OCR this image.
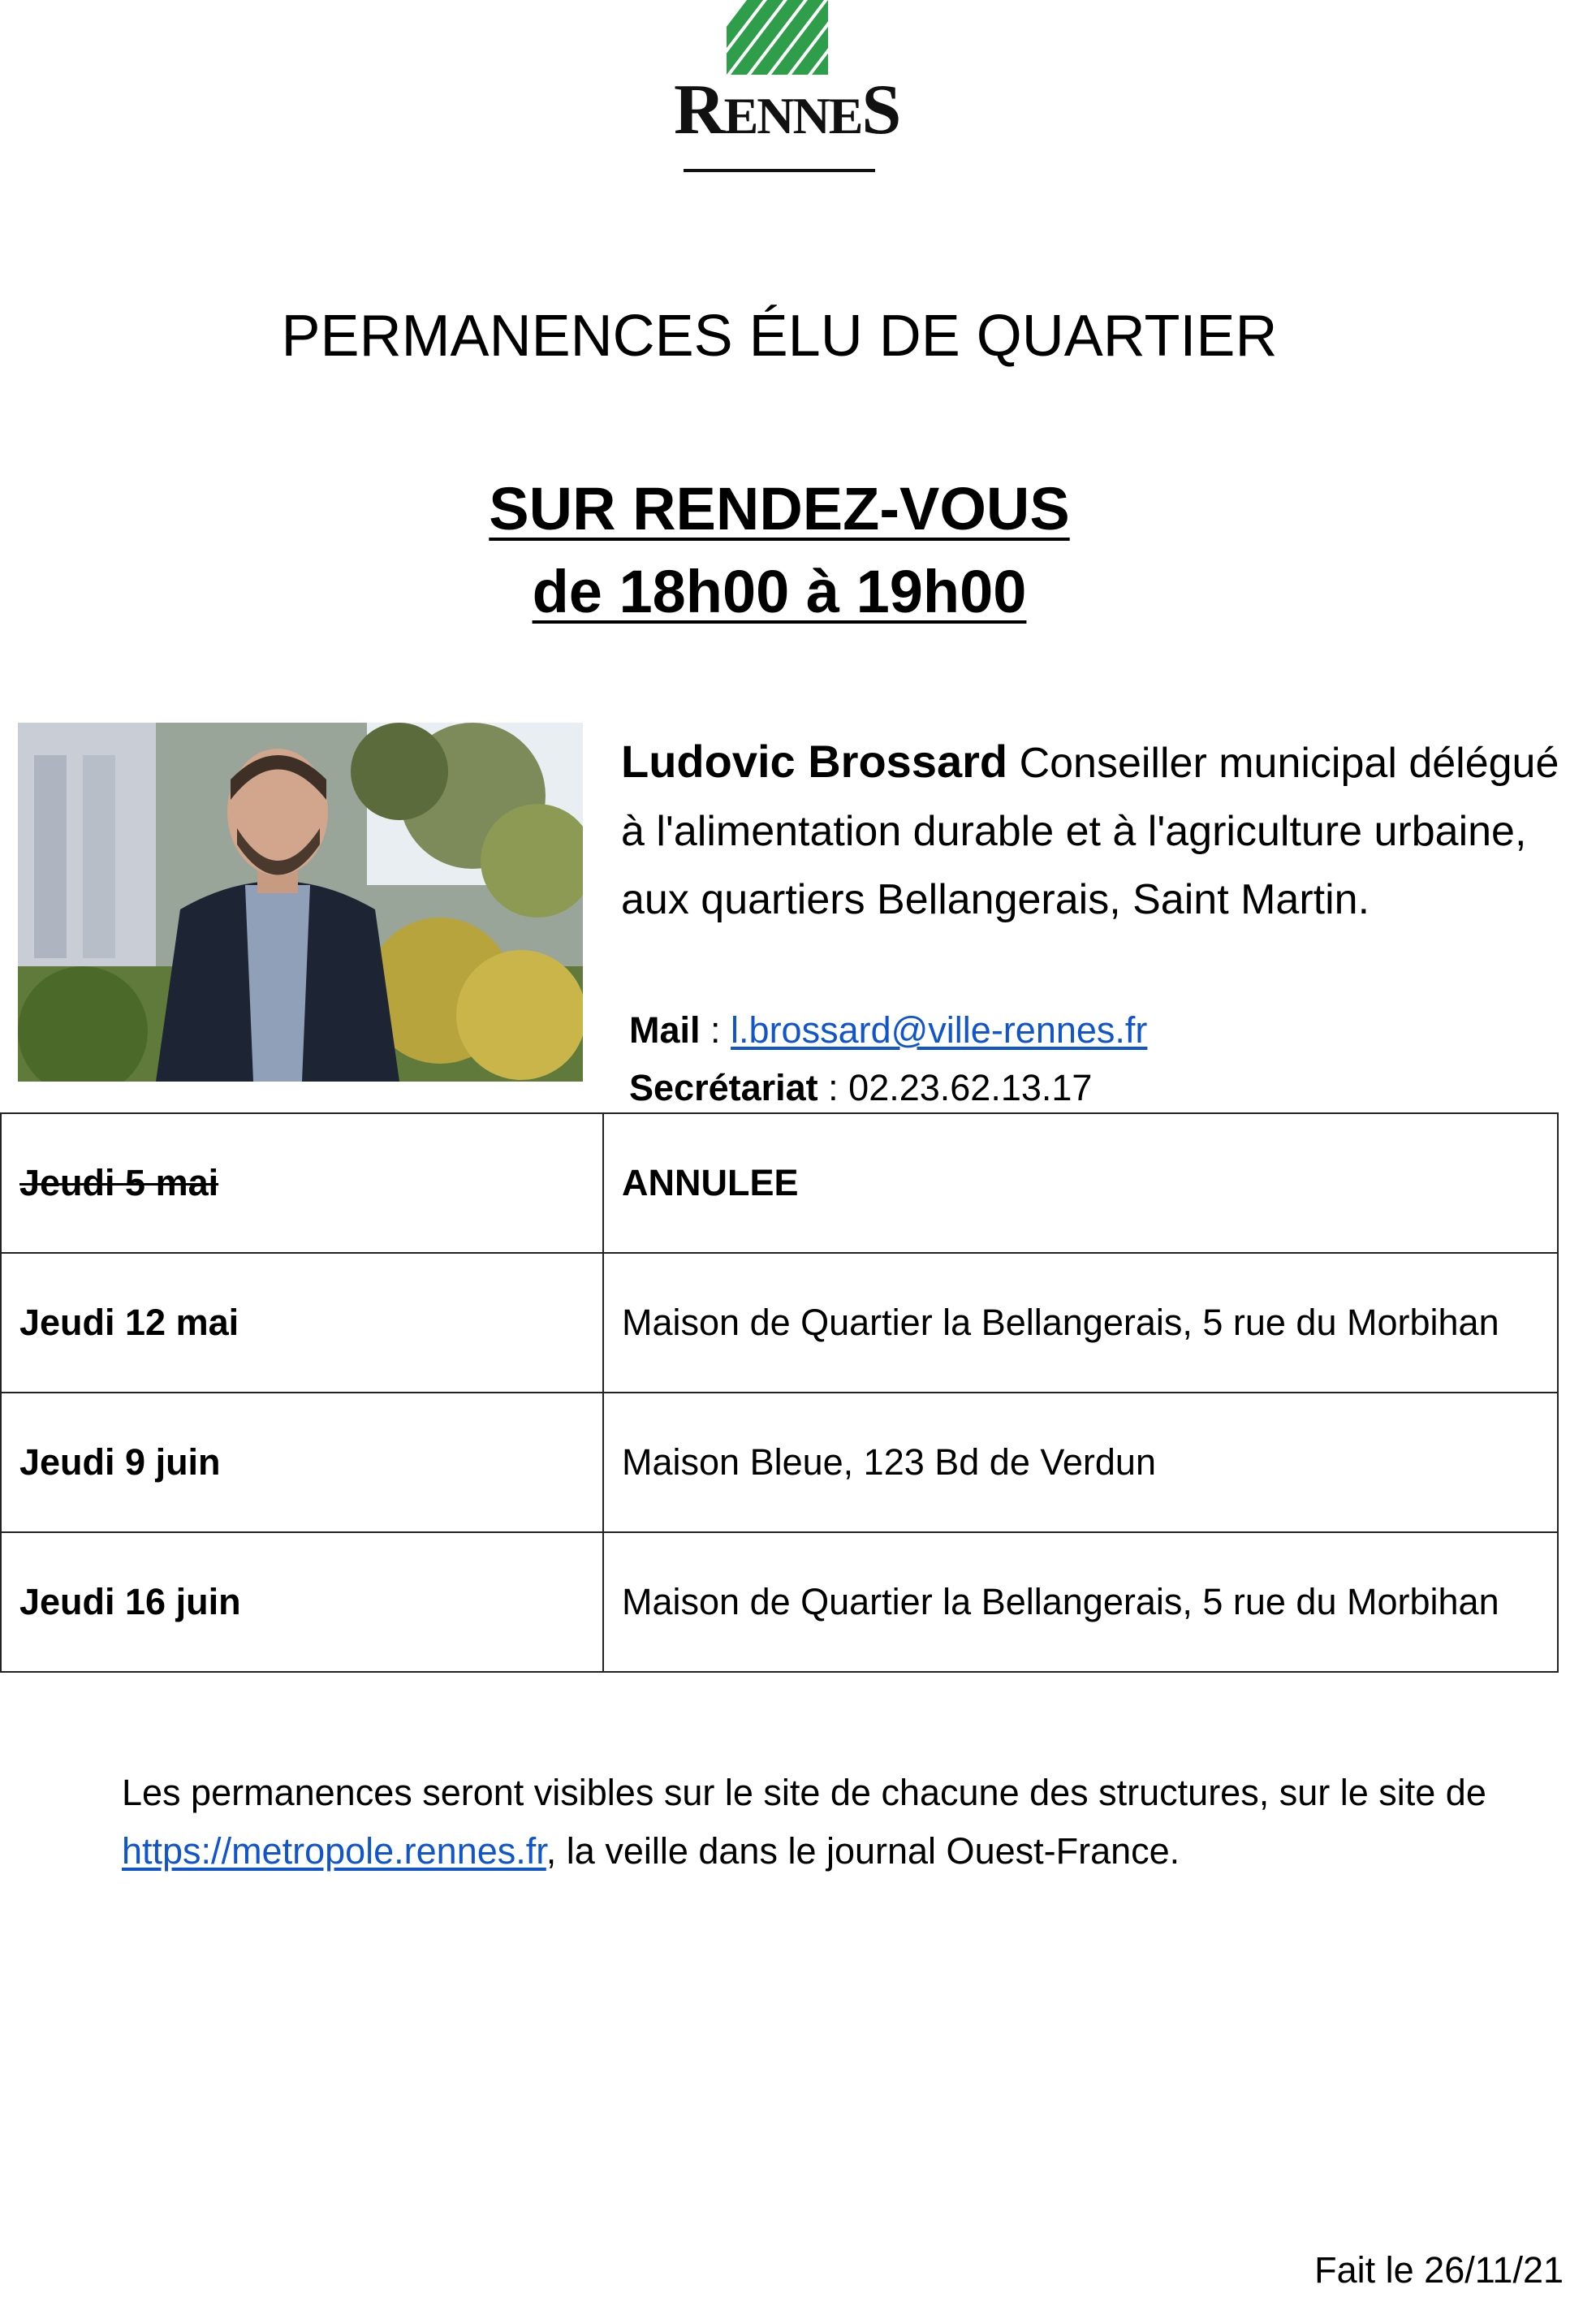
RENNES
PERMANENCES ÉLU DE QUARTIER
SUR RENDEZ-VOUS
de 18h00 à 19h00
Ludovic Brossard Conseiller municipal délégué à l'alimentation durable et à l'agriculture urbaine, aux quartiers Bellangerais, Saint Martin.
Mail : l.brossard@ville-rennes.fr
Secrétariat : 02.23.62.13.17
Jeudi 5 mai	ANNULEE
Jeudi 12 mai	Maison de Quartier la Bellangerais, 5 rue du Morbihan
Jeudi 9 juin	Maison Bleue, 123 Bd de Verdun
Jeudi 16 juin	Maison de Quartier la Bellangerais, 5 rue du Morbihan
Les permanences seront visibles sur le site de chacune des structures, sur le site de https://metropole.rennes.fr, la veille dans le journal Ouest-France.
Fait le 26/11/21
